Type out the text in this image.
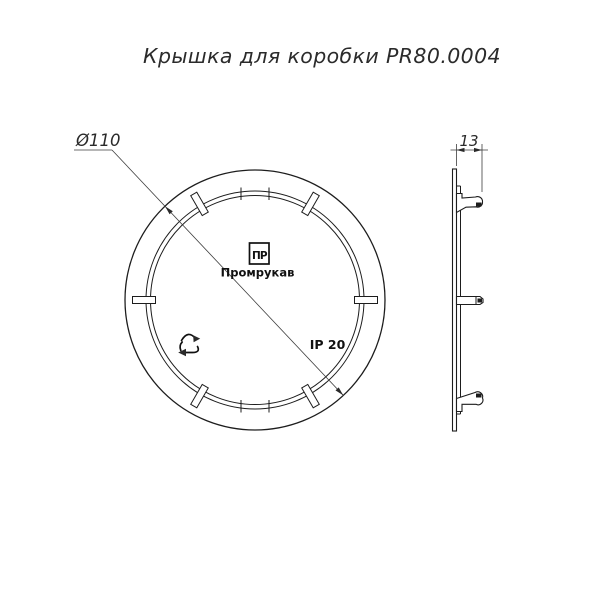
Крышка для коробки PR80.0004
Ø110
ПР
Промрукав
IP 20
13
